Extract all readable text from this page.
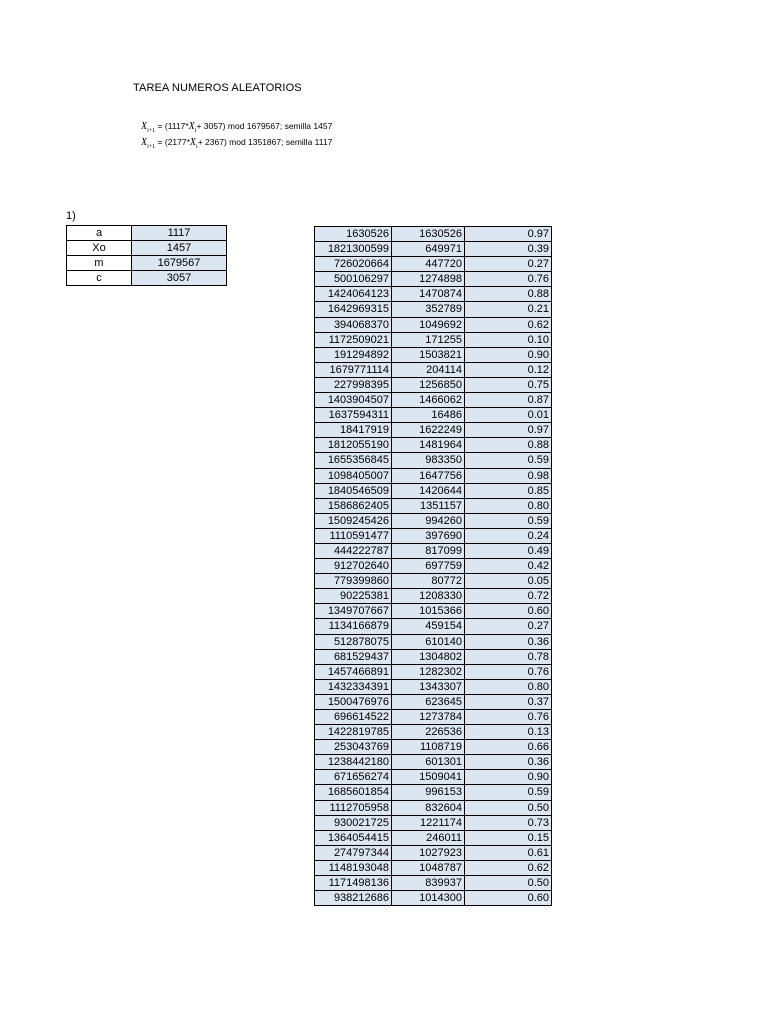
TAREA NUMEROS ALEATORIOS
$X_{i+1} = (1117*$ $X_i + 3057$) mod 1679567; semilla 1457
$X_{i+1} = (2177*$ $X_i + 2367$) mod 1351867; semilla 1117
1)
a	1117
Xo	1457
m	1679567
c	3057
1630526	1630526	0.97
1821300599	649971	0.39
726020664	447720	0.27
500106297	1274898	0.76
1424064123	1470874	0.88
1642969315	352789	0.21
394068370	1049692	0.62
1172509021	171255	0.10
191294892	1503821	0.90
1679771114	204114	0.12
227998395	1256850	0.75
1403904507	1466062	0.87
1637594311	16486	0.01
18417919	1622249	0.97
1812055190	1481964	0.88
1655356845	983350	0.59
1098405007	1647756	0.98
1840546509	1420644	0.85
1586862405	1351157	0.80
1509245426	994260	0.59
1110591477	397690	0.24
444222787	817099	0.49
912702640	697759	0.42
779399860	80772	0.05
90225381	1208330	0.72
1349707667	1015366	0.60
1134166879	459154	0.27
512878075	610140	0.36
681529437	1304802	0.78
1457466891	1282302	0.76
1432334391	1343307	0.80
1500476976	623645	0.37
696614522	1273784	0.76
1422819785	226536	0.13
253043769	1108719	0.66
1238442180	601301	0.36
671656274	1509041	0.90
1685601854	996153	0.59
1112705958	832604	0.50
930021725	1221174	0.73
1364054415	246011	0.15
274797344	1027923	0.61
1148193048	1048787	0.62
1171498136	839937	0.50
938212686	1014300	0.60
